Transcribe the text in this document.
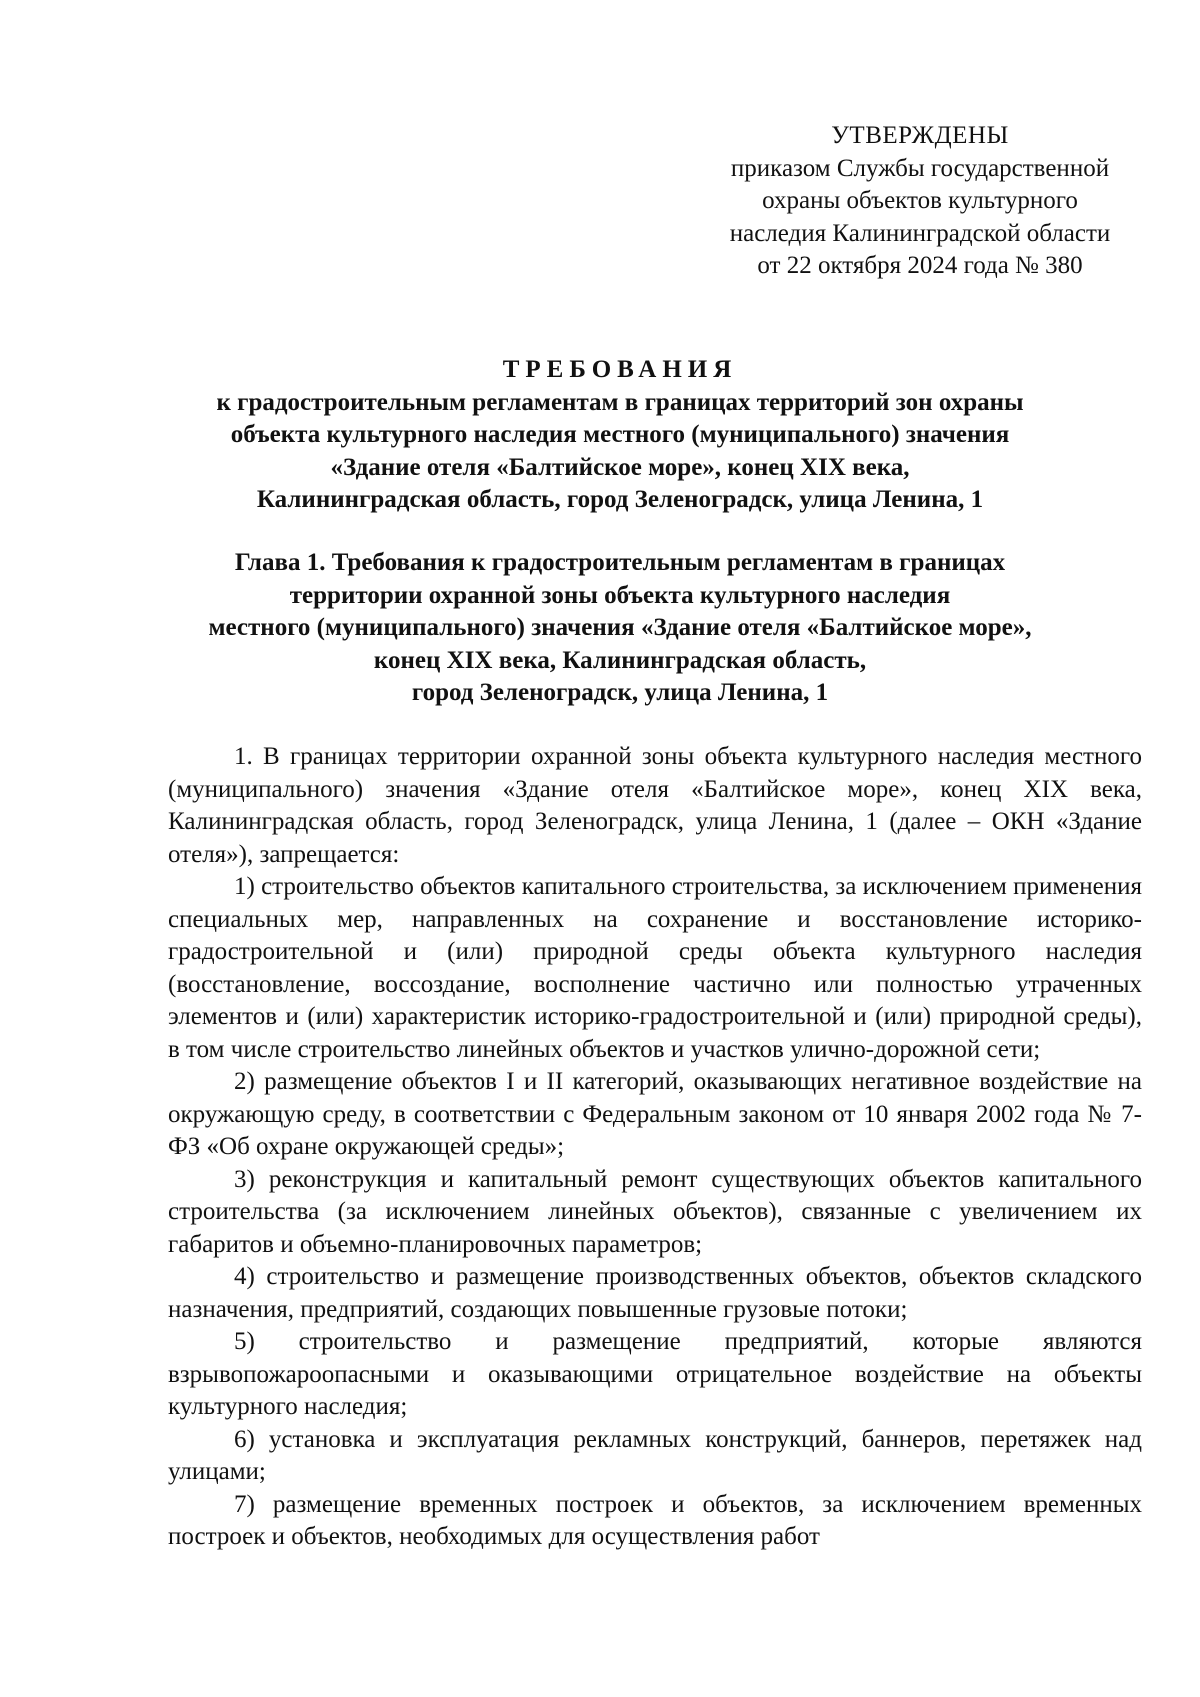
УТВЕРЖДЕНЫ
приказом Службы государственной
охраны объектов культурного
наследия Калининградской области
от 22 октября 2024 года № 380
ТРЕБОВАНИЯ
к градостроительным регламентам в границах территорий зон охраны
объекта культурного наследия местного (муниципального) значения
«Здание отеля «Балтийское море», конец XIX века,
Калининградская область, город Зеленоградск, улица Ленина, 1
Глава 1. Требования к градостроительным регламентам в границах
территории охранной зоны объекта культурного наследия
местного (муниципального) значения «Здание отеля «Балтийское море»,
конец XIX века, Калининградская область,
город Зеленоградск, улица Ленина, 1

1. В границах территории охранной зоны объекта культурного наследия местного (муниципального) значения «Здание отеля «Балтийское море», конец XIX века, Калининградская область, город Зеленоградск, улица Ленина, 1 (далее – ОКН «Здание отеля»), запрещается:

1) строительство объектов капитального строительства, за исключением применения специальных мер, направленных на сохранение и восстановление историко-градостроительной и (или) природной среды объекта культурного наследия (восстановление, воссоздание, восполнение частично или полностью утраченных элементов и (или) характеристик историко-градостроительной и (или) природной среды), в том числе строительство линейных объектов и участков улично-дорожной сети;

2) размещение объектов I и II категорий, оказывающих негативное воздействие на окружающую среду, в соответствии с Федеральным законом от 10 января 2002 года № 7-ФЗ «Об охране окружающей среды»;

3) реконструкция и капитальный ремонт существующих объектов капитального строительства (за исключением линейных объектов), связанные с увеличением их габаритов и объемно-планировочных параметров;

4) строительство и размещение производственных объектов, объектов складского назначения, предприятий, создающих повышенные грузовые потоки;

5) строительство и размещение предприятий, которые являются взрывопожароопасными и оказывающими отрицательное воздействие на объекты культурного наследия;

6) установка и эксплуатация рекламных конструкций, баннеров, перетяжек над улицами;

7) размещение временных построек и объектов, за исключением временных построек и объектов, необходимых для осуществления работ
